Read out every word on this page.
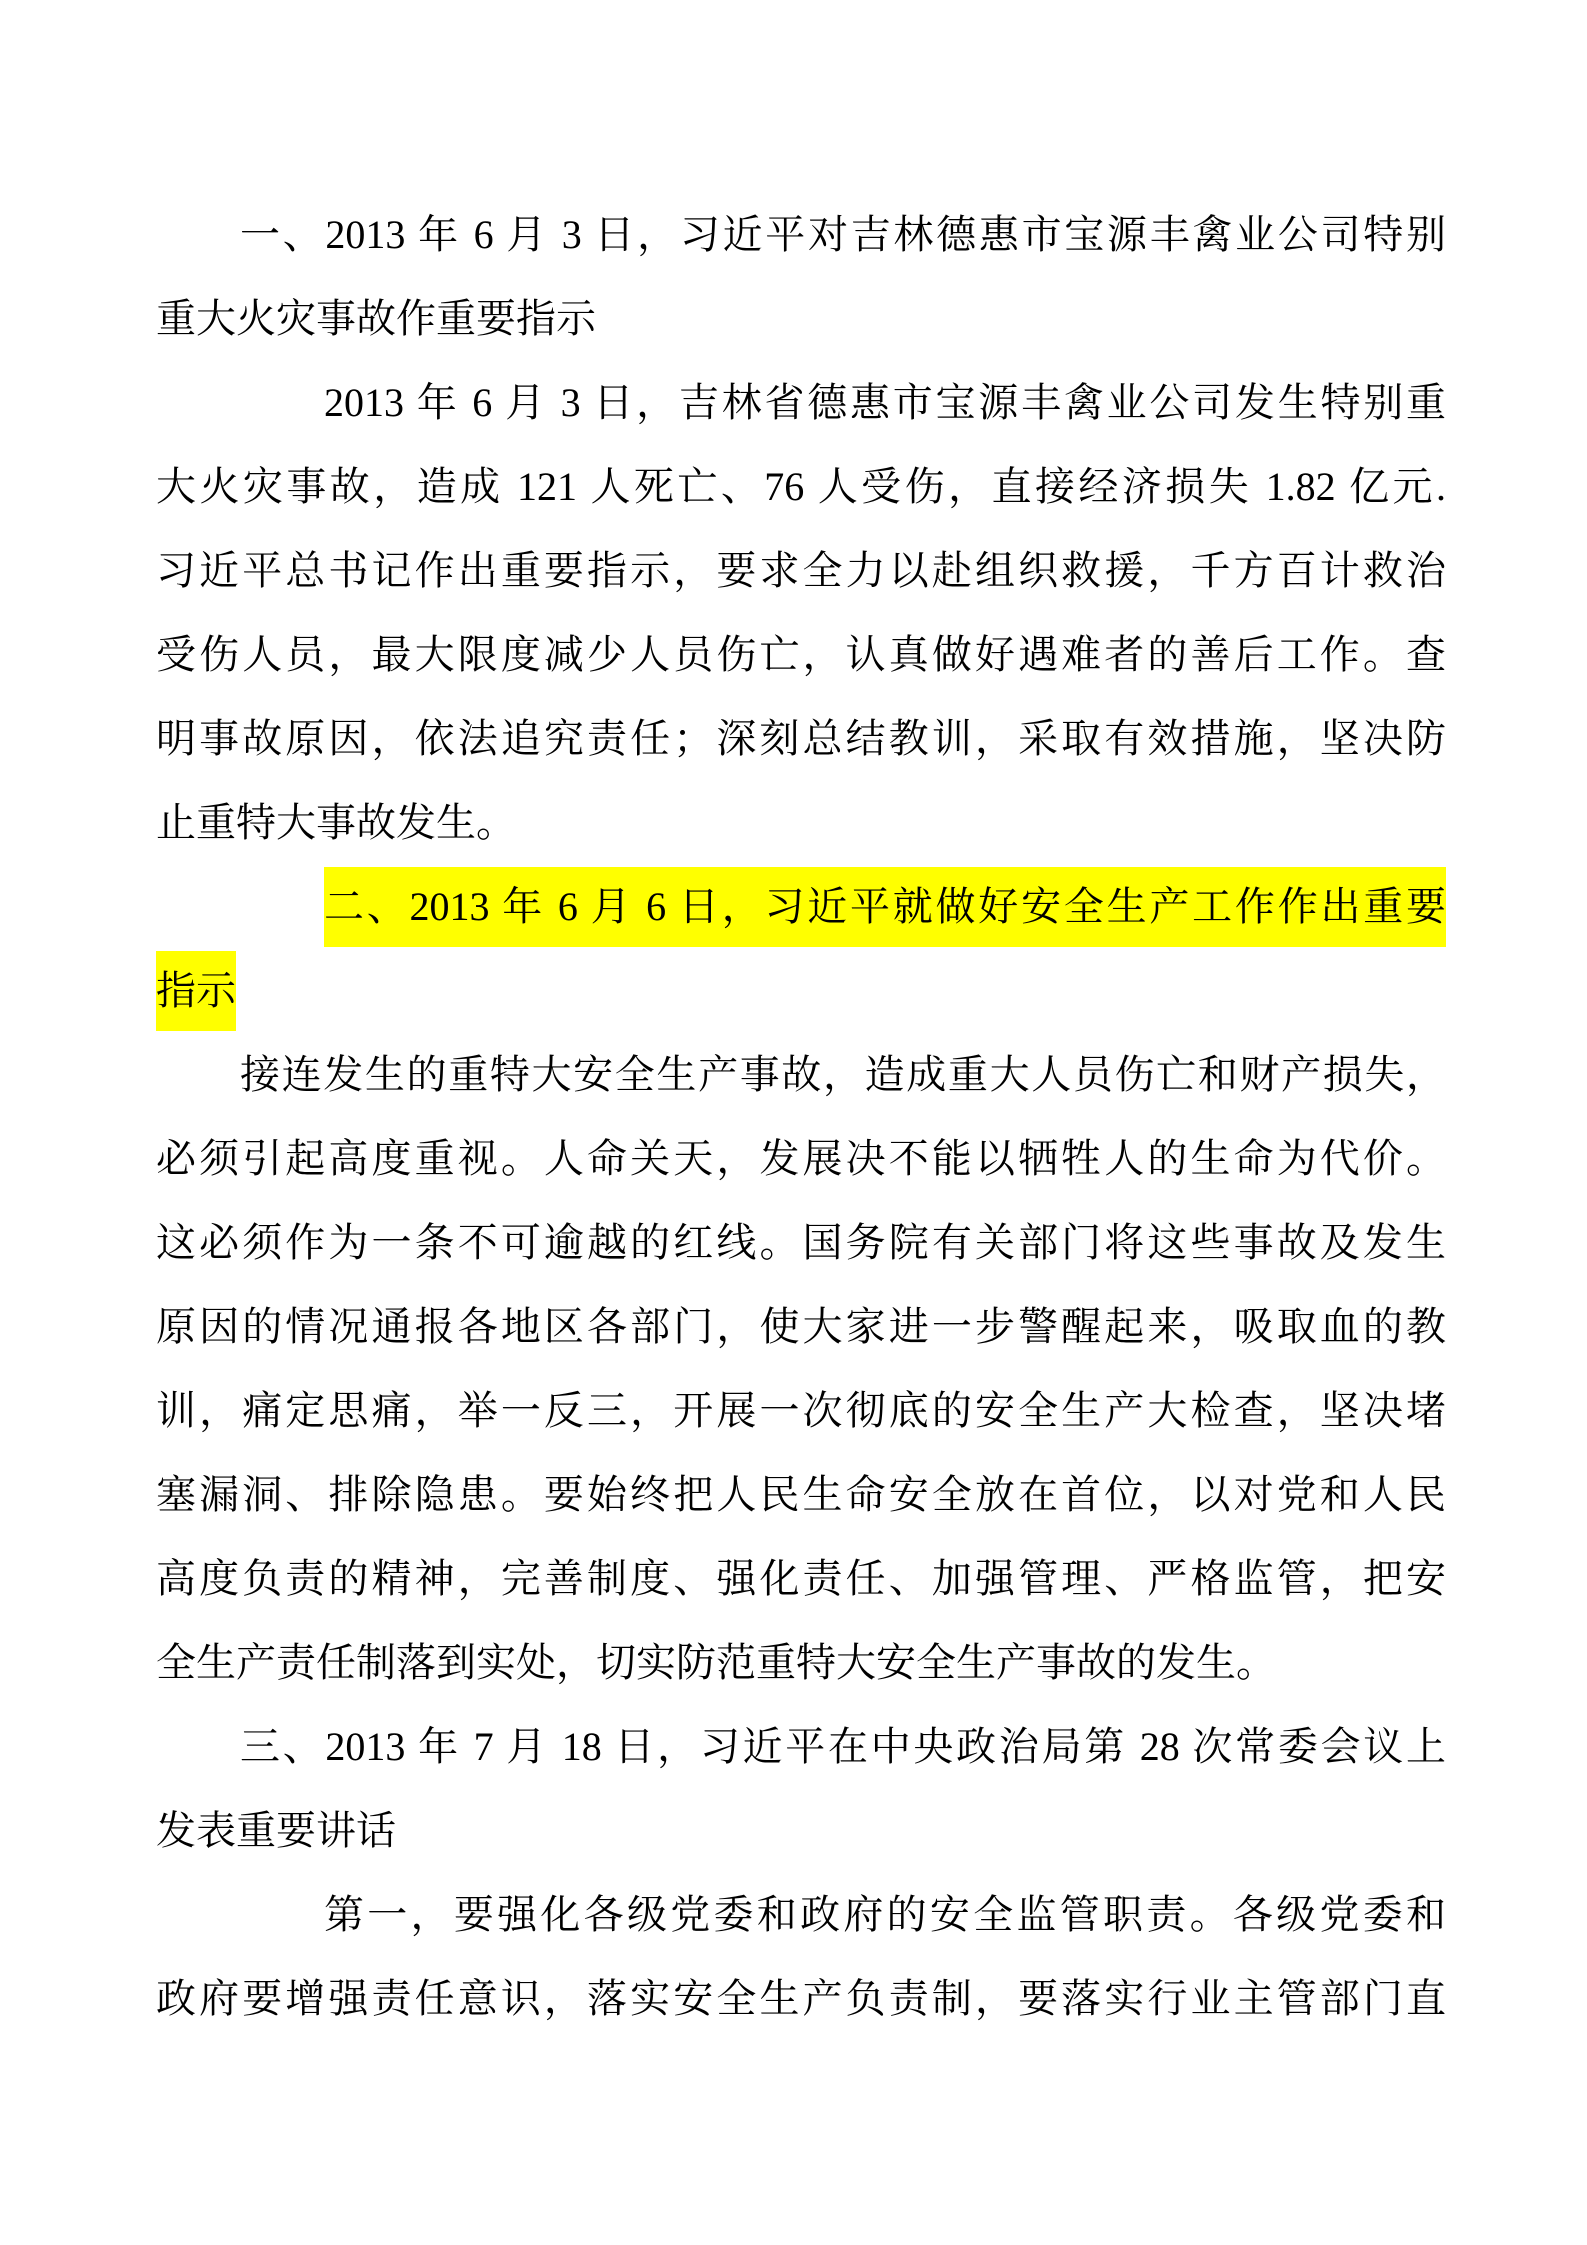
一、2013 年 6 月 3 日，习近平对吉林德惠市宝源丰禽业公司特别
重大火灾事故作重要指示
2013 年 6 月 3 日，吉林省德惠市宝源丰禽业公司发生特别重
大火灾事故，造成 121 人死亡、76 人受伤，直接经济损失 1.82 亿元.
习近平总书记作出重要指示，要求全力以赴组织救援，千方百计救治
受伤人员，最大限度减少人员伤亡，认真做好遇难者的善后工作。查
明事故原因，依法追究责任；深刻总结教训，采取有效措施，坚决防
止重特大事故发生。
二、2013 年 6 月 6 日，习近平就做好安全生产工作作出重要
指示
接连发生的重特大安全生产事故，造成重大人员伤亡和财产损失，
必须引起高度重视。人命关天，发展决不能以牺牲人的生命为代价。
这必须作为一条不可逾越的红线。国务院有关部门将这些事故及发生
原因的情况通报各地区各部门，使大家进一步警醒起来，吸取血的教
训，痛定思痛，举一反三，开展一次彻底的安全生产大检查，坚决堵
塞漏洞、排除隐患。要始终把人民生命安全放在首位，以对党和人民
高度负责的精神，完善制度、强化责任、加强管理、严格监管，把安
全生产责任制落到实处，切实防范重特大安全生产事故的发生。
三、2013 年 7 月 18 日，习近平在中央政治局第 28 次常委会议上
发表重要讲话
第一，要强化各级党委和政府的安全监管职责。各级党委和
政府要增强责任意识，落实安全生产负责制，要落实行业主管部门直
